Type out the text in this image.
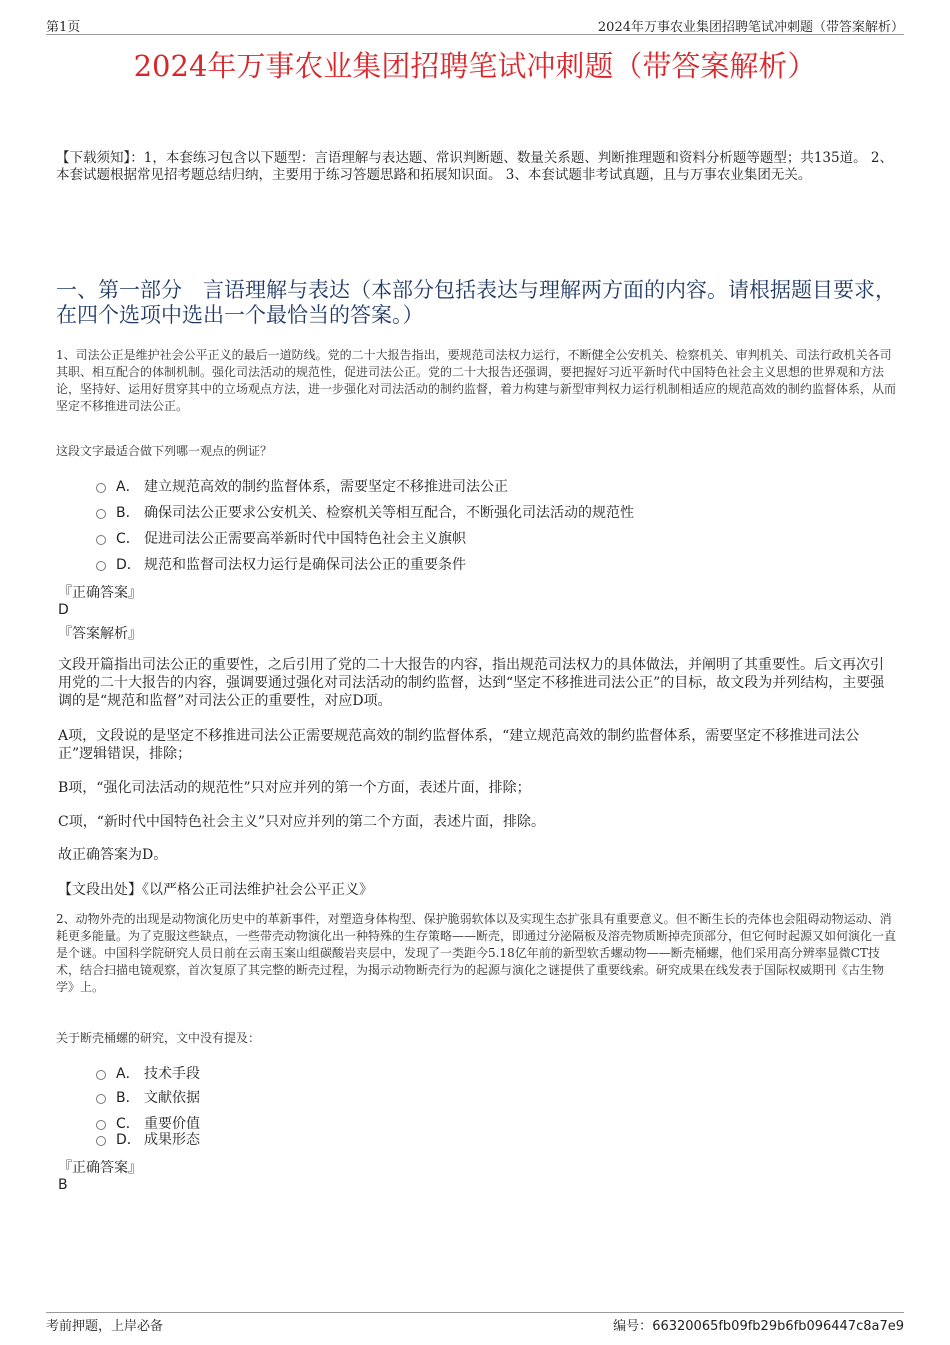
第1页	2024年万事农业集团招聘笔试冲刺题（带答案解析）
2024年万事农业集团招聘笔试冲刺题（带答案解析）
【下载须知】：1，本套练习包含以下题型：言语理解与表达题、常识判断题、数量关系题、判断推理题和资料分析题等题型；共135道。 2、本套试题根据常见招考题总结归纳，主要用于练习答题思路和拓展知识面。 3、本套试题非考试真题，且与万事农业集团无关。
一、第一部分　言语理解与表达（本部分包括表达与理解两方面的内容。请根据题目要求，在四个选项中选出一个最恰当的答案。）
1、司法公正是维护社会公平正义的最后一道防线。党的二十大报告指出，要规范司法权力运行，不断健全公安机关、检察机关、审判机关、司法行政机关各司其职、相互配合的体制机制。强化司法活动的规范性，促进司法公正。党的二十大报告还强调，要把握好习近平新时代中国特色社会主义思想的世界观和方法论，坚持好、运用好贯穿其中的立场观点方法，进一步强化对司法活动的制约监督，着力构建与新型审判权力运行机制相适应的规范高效的制约监督体系，从而坚定不移推进司法公正。
这段文字最适合做下列哪一观点的例证？
A． 建立规范高效的制约监督体系，需要坚定不移推进司法公正
B． 确保司法公正要求公安机关、检察机关等相互配合，不断强化司法活动的规范性
C． 促进司法公正需要高举新时代中国特色社会主义旗帜
D． 规范和监督司法权力运行是确保司法公正的重要条件
『正确答案』
D
『答案解析』
文段开篇指出司法公正的重要性，之后引用了党的二十大报告的内容，指出规范司法权力的具体做法，并阐明了其重要性。后文再次引用党的二十大报告的内容，强调要通过强化对司法活动的制约监督，达到“坚定不移推进司法公正”的目标，故文段为并列结构，主要强调的是“规范和监督”对司法公正的重要性，对应D项。
A项，文段说的是坚定不移推进司法公正需要规范高效的制约监督体系，“建立规范高效的制约监督体系，需要坚定不移推进司法公正”逻辑错误，排除；
B项，“强化司法活动的规范性”只对应并列的第一个方面，表述片面，排除；
C项，“新时代中国特色社会主义”只对应并列的第二个方面，表述片面，排除。
故正确答案为D。
【文段出处】《以严格公正司法维护社会公平正义》
2、动物外壳的出现是动物演化历史中的革新事件，对塑造身体构型、保护脆弱软体以及实现生态扩张具有重要意义。但不断生长的壳体也会阻碍动物运动、消耗更多能量。为了克服这些缺点，一些带壳动物演化出一种特殊的生存策略——断壳，即通过分泌隔板及溶壳物质断掉壳顶部分，但它何时起源又如何演化一直是个谜。中国科学院研究人员日前在云南玉案山组碳酸岩夹层中，发现了一类距今5.18亿年前的新型软舌螺动物——断壳桶螺，他们采用高分辨率显微CT技术，结合扫描电镜观察，首次复原了其完整的断壳过程，为揭示动物断壳行为的起源与演化之谜提供了重要线索。研究成果在线发表于国际权威期刊《古生物学》上。
关于断壳桶螺的研究，文中没有提及：
A． 技术手段
B． 文献依据
C． 重要价值
D． 成果形态
『正确答案』
B
考前押题，上岸必备	编号：66320065fb09fb29b6fb096447c8a7e9
